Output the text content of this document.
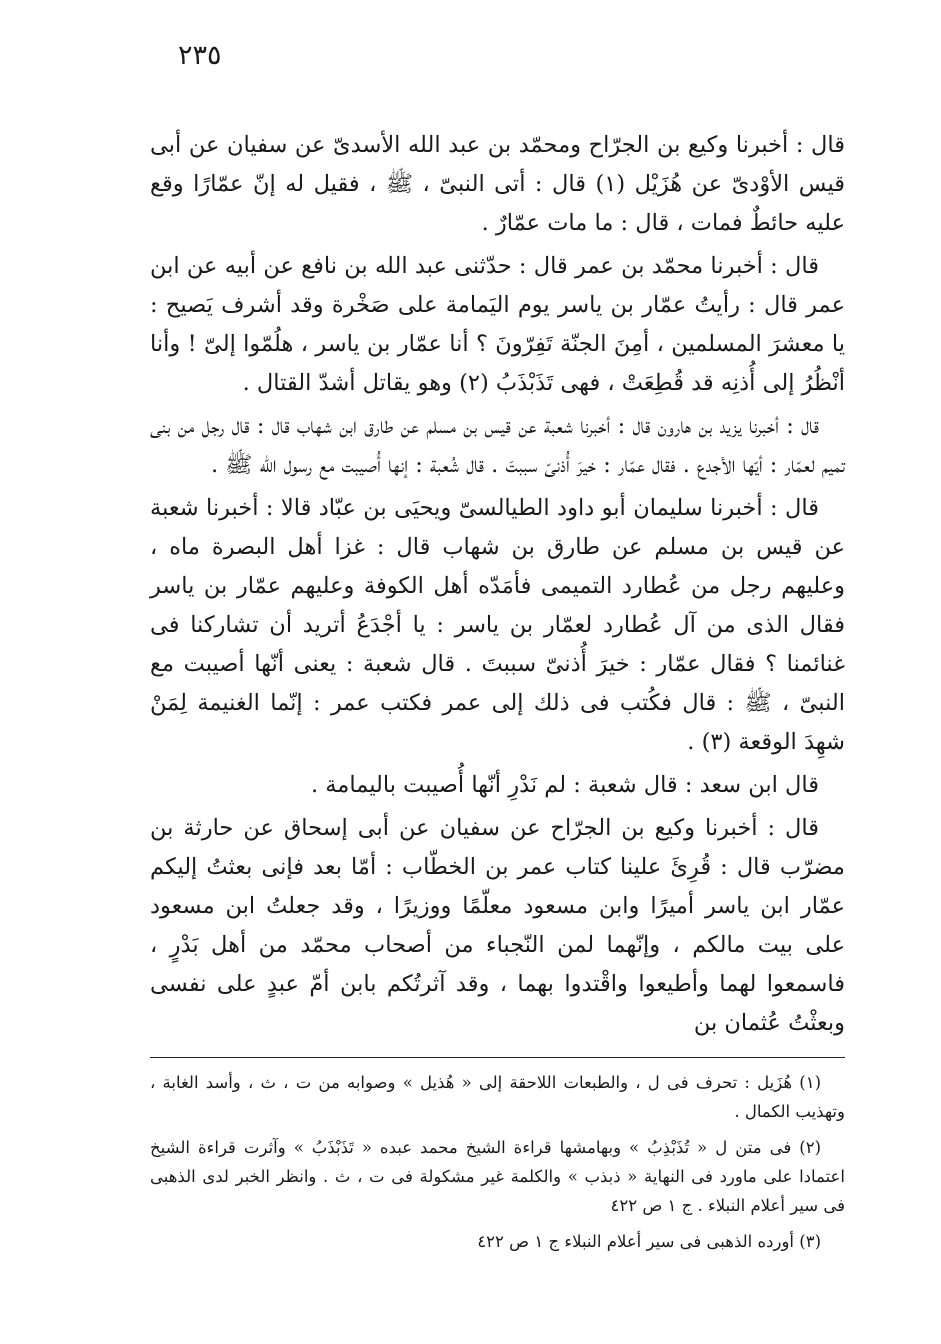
٢٣٥

قال : أخبرنا وكيع بن الجرّاح ومحمّد بن عبد الله الأسدىّ عن سفيان عن أبى قيس الأوْدىّ عن هُزَيْل (١) قال : أتى النبىّ ، ﷺ ، فقيل له إنّ عمّارًا وقع عليه حائطٌ فمات ، قال : ما مات عمّارٌ .

قال : أخبرنا محمّد بن عمر قال : حدّثنى عبد الله بن نافع عن أبيه عن ابن عمر قال : رأيتُ عمّار بن ياسر يوم اليَمامة على صَخْرة وقد أشرف يَصيح : يا معشرَ المسلمين ، أمِنَ الجنّة تَفِرّونَ ؟ أنا عمّار بن ياسر ، هلُمّوا إلىّ ! وأنا أنْظُرُ إلى أُذنِه قد قُطِعَتْ ، فهى تَذَبْذَبُ (٢) وهو يقاتل أشدّ القتال .

قال : أخبرنا يزيد بن هارون قال : أخبرنا شعبة عن قيس بن مسلم عن طارق ابن شهاب قال : قال رجل من بنى تميم لعمّار : أيّها الأجدع . فقال عمّار : خيرَ أُذنىّ سببتَ . قال شُعبة : إنها أُصيبت مع رسول الله ﷺ .

قال : أخبرنا سليمان أبو داود الطيالسىّ ويحيَى بن عبّاد قالا : أخبرنا شعبة عن قيس بن مسلم عن طارق بن شهاب قال : غزا أهل البصرة ماه ، وعليهم رجل من عُطارد التميمى فأمَدّه أهل الكوفة وعليهم عمّار بن ياسر فقال الذى من آل عُطارد لعمّار بن ياسر : يا أجْدَعُ أتريد أن تشاركنا فى غنائمنا ؟ فقال عمّار : خيرَ أُذنىّ سببتَ . قال شعبة : يعنى أنّها أصيبت مع النبىّ ، ﷺ : قال فكُتب فى ذلك إلى عمر فكتب عمر : إنّما الغنيمة لِمَنْ شهِدَ الوقعة (٣) .

قال ابن سعد : قال شعبة : لم نَدْرِ أنّها أُصيبت باليمامة .

قال : أخبرنا وكيع بن الجرّاح عن سفيان عن أبى إسحاق عن حارثة بن مضرّب قال : قُرِئَ علينا كتاب عمر بن الخطّاب : أمّا بعد فإنى بعثتُ إليكم عمّار ابن ياسر أميرًا وابن مسعود معلّمًا ووزيرًا ، وقد جعلتُ ابن مسعود على بيت مالكم ، وإنّهما لمن النّجباء من أصحاب محمّد من أهل بَدْرٍ ، فاسمعوا لهما وأطيعوا واقْتدوا بهما ، وقد آثرتُكم بابن أمّ عبدٍ على نفسى وبعثْتُ عُثمان بن

(١) هُزَيل : تحرف فى ل ، والطبعات اللاحقة إلى « هُذيل » وصوابه من ت ، ث ، وأسد الغابة ، وتهذيب الكمال .

(٢) فى متن ل « تُذَبْذِبُ » وبهامشها قراءة الشيخ محمد عبده « تَذَبْذَبُ » وآثرت قراءة الشيخ اعتمادا على ماورد فى النهاية « ذبذب » والكلمة غير مشكولة فى ت ، ث . وانظر الخبر لدى الذهبى فى سير أعلام النبلاء . ج ١ ص ٤٢٢

(٣) أورده الذهبى فى سير أعلام النبلاء ج ١ ص ٤٢٢
